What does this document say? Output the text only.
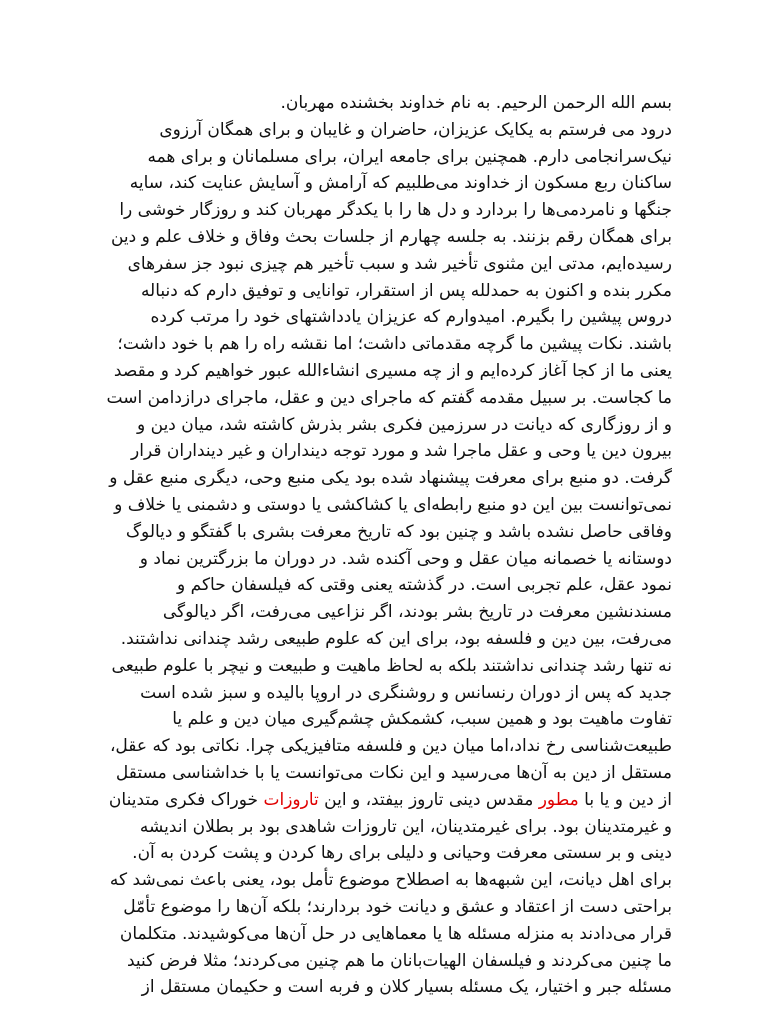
بسم الله الرحمن الرحیم. به نام خداوند بخشنده مهربان.
درود می فرستم به یکایک عزیزان، حاضران و غایبان و برای همگان آرزوی
نیک‌سرانجامی دارم. همچنین برای جامعه ایران، برای مسلمانان و برای همه
ساکنان ربع مسکون از خداوند می‌طلبیم که آرامش و آسایش عنایت کند، سایه
جنگها و نامردمی‌ها را بردارد و دل ها را با یکدگر مهربان کند و روزگار خوشی را
برای همگان رقم بزنند. به جلسه چهارم از جلسات بحث وفاق و خلاف علم و دین
رسیده‌ایم، مدتی این مثنوی تأخیر شد و سبب تأخیر هم چیزی نبود جز سفرهای
مکرر بنده و اکنون به حمدلله پس از استقرار، توانایی و توفیق دارم که دنباله
دروس پیشین را بگیرم. امیدوارم که عزیزان یادداشتهای خود را مرتب کرده
باشند. نکات پیشین ما گرچه مقدماتی داشت؛ اما نقشه راه را هم با خود داشت؛
یعنی ما از کجا آغاز کرده‌ایم و از چه مسیری انشاءالله عبور خواهیم کرد و مقصد
ما کجاست. بر سبیل مقدمه گفتم که ماجرای دین و عقل، ماجرای درازدامن است
و از روزگاری که دیانت در سرزمین فکری بشر بذرش کاشته شد، میان دین و
بیرون دین یا وحی و عقل ماجرا شد و مورد توجه دینداران و غیر دینداران قرار
گرفت. دو منبع برای معرفت پیشنهاد شده بود یکی منبع وحی، دیگری منبع عقل و
نمی‌توانست بین این دو منبع رابطه‌ای یا کشاکشی یا دوستی و دشمنی یا خلاف و
وفاقی حاصل نشده باشد و چنین بود که تاریخ معرفت بشری با گفتگو و دیالوگ
دوستانه یا خصمانه میان عقل و وحی آکنده شد. در دوران ما بزرگترین نماد و
نمود عقل، علم تجربی است. در گذشته یعنی وقتی که فیلسفان حاکم و
مسندنشین معرفت در تاریخ بشر بودند، اگر نزاعیی می‌رفت، اگر دیالوگی
می‌رفت، بین دین و فلسفه بود، برای این که علوم طبیعی رشد چندانی نداشتند.
نه تنها رشد چندانی نداشتند بلکه به لحاظ ماهیت و طبیعت و نیچر با علوم طبیعی
جدید که پس از دوران رنسانس و روشنگری در اروپا بالیده و سبز شده است
تفاوت ماهیت بود و همین سبب، کشمکش چشم‌گیری میان دین و علم یا
طبیعت‌شناسی رخ نداد،اما میان دین و فلسفه متافیزیکی چرا. نکاتی بود که عقل،
مستقل از دین به آن‌ها می‌رسید و این نکات می‌توانست یا با خداشناسی مستقل
از دین و یا با مطور مقدس دینی تاروز بیفتد، و این تاروزات خوراک فکری متدینان
و غیرمتدینان بود. برای غیرمتدینان، این تاروزات شاهدی بود بر بطلان اندیشه
دینی و بر سستی معرفت وحیانی و دلیلی برای رها کردن و پشت کردن به آن.
برای اهل دیانت، این شبهه‌ها به اصطلاح موضوع تأمل بود، یعنی باعث نمی‌شد که
براحتی دست از اعتقاد و عشق و دیانت خود بردارند؛ بلکه آن‌ها را موضوع تأمّل
قرار می‌دادند به منزله مسئله ها یا معماهایی در حل آن‌ها می‌کوشیدند. متکلمان
ما چنین می‌کردند و فیلسفان الهیات‌بانان ما هم چنین می‌کردند؛ مثلا فرض کنید
مسئله جبر و اختیار، یک مسئله بسیار کلان و فربه است و حکیمان مستقل از
